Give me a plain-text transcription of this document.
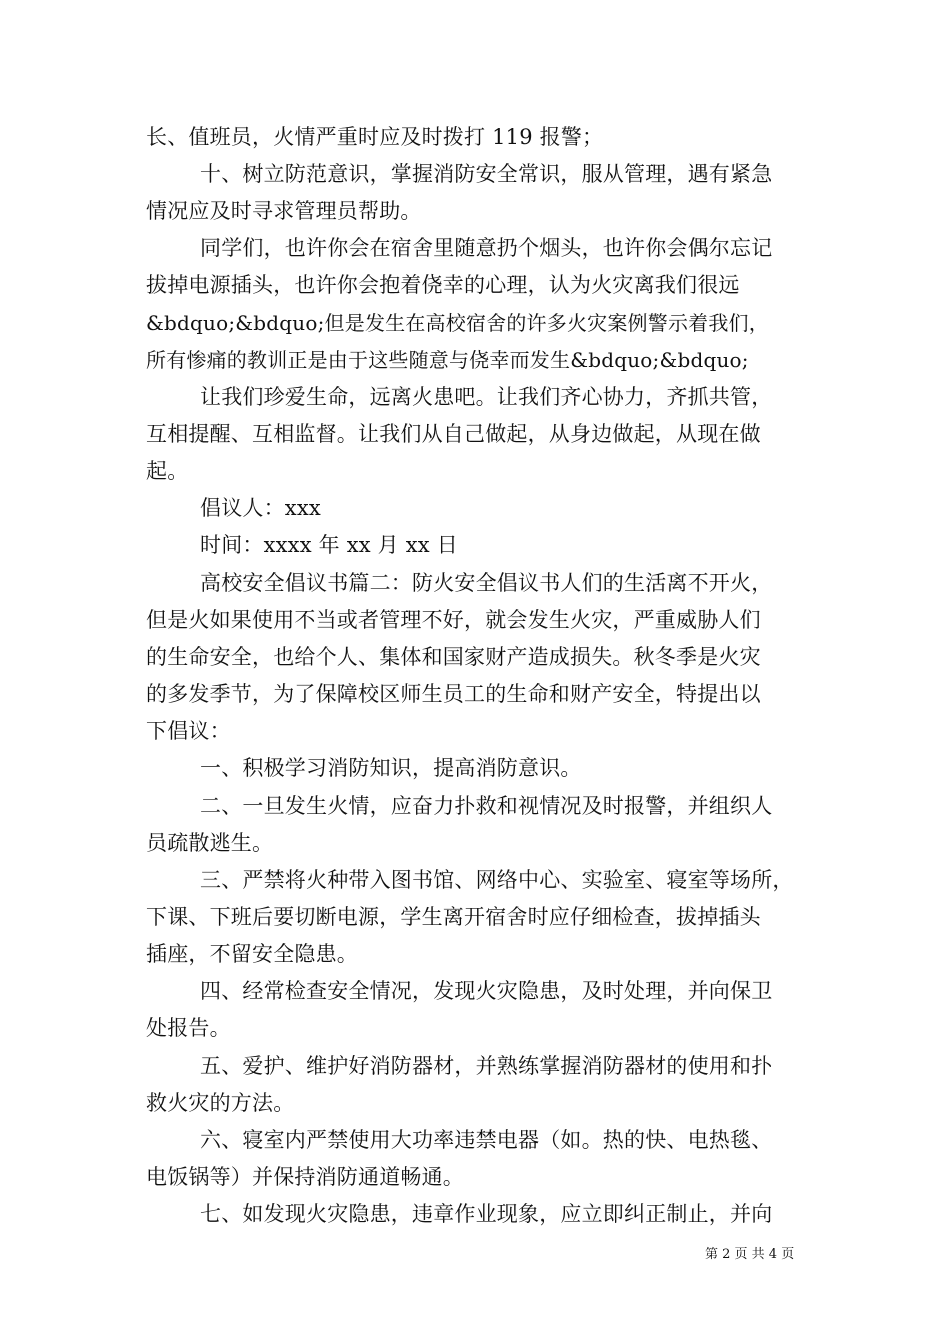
长、值班员，火情严重时应及时拨打 119 报警；
十、树立防范意识，掌握消防安全常识，服从管理，遇有紧急
情况应及时寻求管理员帮助。
同学们，也许你会在宿舍里随意扔个烟头，也许你会偶尔忘记
拔掉电源插头，也许你会抱着侥幸的心理，认为火灾离我们很远
&bdquo;&bdquo;但是发生在高校宿舍的许多火灾案例警示着我们，
所有惨痛的教训正是由于这些随意与侥幸而发生&bdquo;&bdquo;
让我们珍爱生命，远离火患吧。让我们齐心协力，齐抓共管，
互相提醒、互相监督。让我们从自己做起，从身边做起，从现在做
起。
倡议人：xxx
时间：xxxx 年 xx 月 xx 日
高校安全倡议书篇二：防火安全倡议书人们的生活离不开火，
但是火如果使用不当或者管理不好，就会发生火灾，严重威胁人们
的生命安全，也给个人、集体和国家财产造成损失。秋冬季是火灾
的多发季节，为了保障校区师生员工的生命和财产安全，特提出以
下倡议：
一、积极学习消防知识，提高消防意识。
二、一旦发生火情，应奋力扑救和视情况及时报警，并组织人
员疏散逃生。
三、严禁将火种带入图书馆、网络中心、实验室、寝室等场所，
下课、下班后要切断电源，学生离开宿舍时应仔细检查，拔掉插头
插座，不留安全隐患。
四、经常检查安全情况，发现火灾隐患，及时处理，并向保卫
处报告。
五、爱护、维护好消防器材，并熟练掌握消防器材的使用和扑
救火灾的方法。
六、寝室内严禁使用大功率违禁电器（如。热的快、电热毯、
电饭锅等）并保持消防通道畅通。
七、如发现火灾隐患，违章作业现象，应立即纠正制止，并向
第 2 页 共 4 页
